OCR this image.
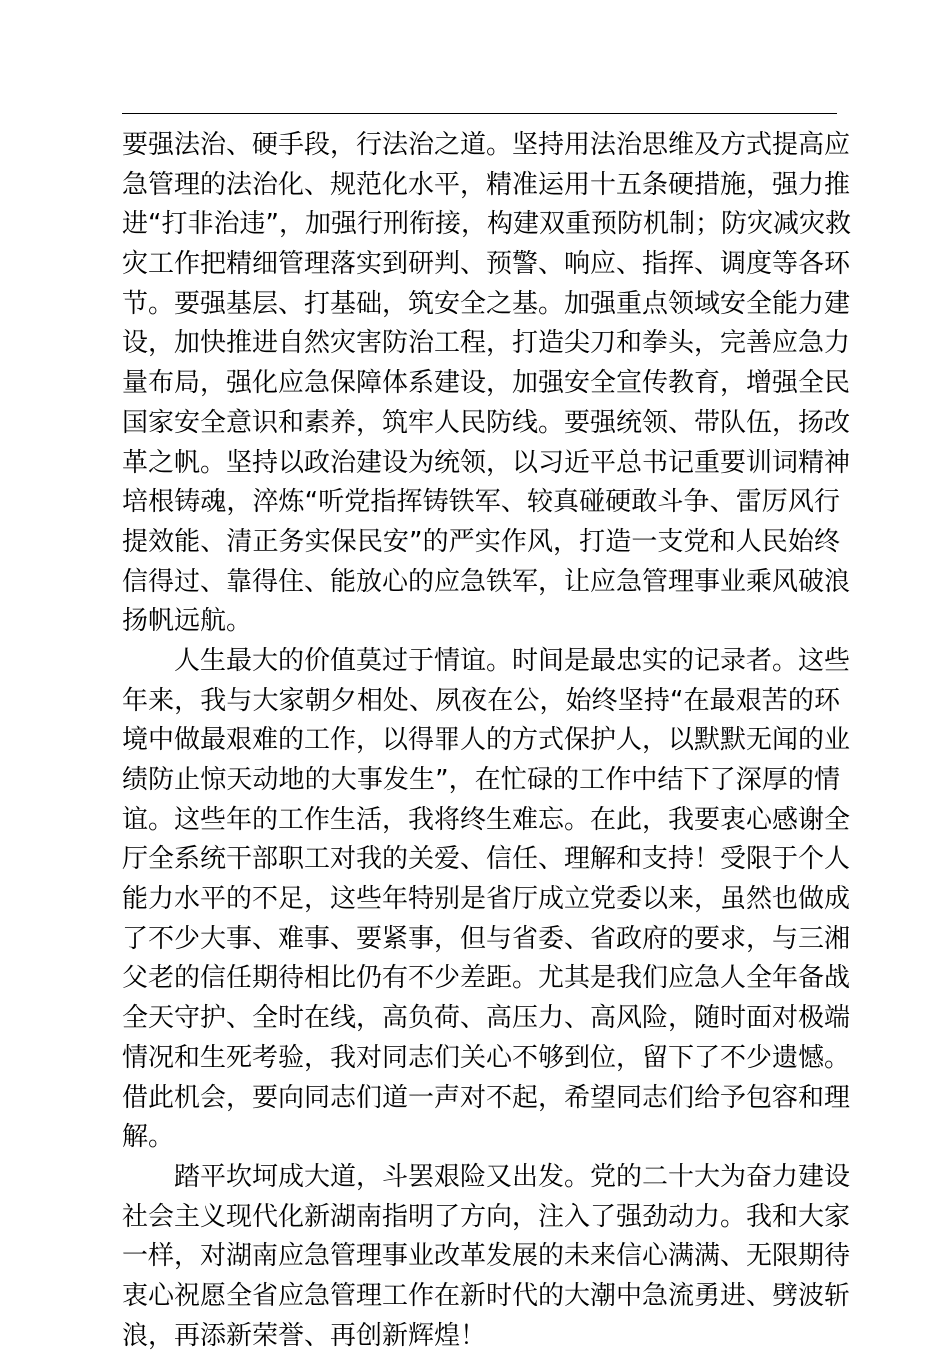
要强法治、硬手段，行法治之道。坚持用法治思维及方式提高应
急管理的法治化、规范化水平，精准运用十五条硬措施，强力推
进“打非治违”，加强行刑衔接，构建双重预防机制；防灾减灾救
灾工作把精细管理落实到研判、预警、响应、指挥、调度等各环
节。要强基层、打基础，筑安全之基。加强重点领域安全能力建
设，加快推进自然灾害防治工程，打造尖刀和拳头，完善应急力
量布局，强化应急保障体系建设，加强安全宣传教育，增强全民
国家安全意识和素养，筑牢人民防线。要强统领、带队伍，扬改
革之帆。坚持以政治建设为统领，以习近平总书记重要训词精神
培根铸魂，淬炼“听党指挥铸铁军、较真碰硬敢斗争、雷厉风行
提效能、清正务实保民安”的严实作风，打造一支党和人民始终
信得过、靠得住、能放心的应急铁军，让应急管理事业乘风破浪
扬帆远航。
人生最大的价值莫过于情谊。时间是最忠实的记录者。这些
年来，我与大家朝夕相处、夙夜在公，始终坚持“在最艰苦的环
境中做最艰难的工作，以得罪人的方式保护人，以默默无闻的业
绩防止惊天动地的大事发生”，在忙碌的工作中结下了深厚的情
谊。这些年的工作生活，我将终生难忘。在此，我要衷心感谢全
厅全系统干部职工对我的关爱、信任、理解和支持！受限于个人
能力水平的不足，这些年特别是省厅成立党委以来，虽然也做成
了不少大事、难事、要紧事，但与省委、省政府的要求，与三湘
父老的信任期待相比仍有不少差距。尤其是我们应急人全年备战
全天守护、全时在线，高负荷、高压力、高风险，随时面对极端
情况和生死考验，我对同志们关心不够到位，留下了不少遗憾。
借此机会，要向同志们道一声对不起，希望同志们给予包容和理
解。
踏平坎坷成大道，斗罢艰险又出发。党的二十大为奋力建设
社会主义现代化新湖南指明了方向，注入了强劲动力。我和大家
一样，对湖南应急管理事业改革发展的未来信心满满、无限期待
衷心祝愿全省应急管理工作在新时代的大潮中急流勇进、劈波斩
浪，再添新荣誉、再创新辉煌！
